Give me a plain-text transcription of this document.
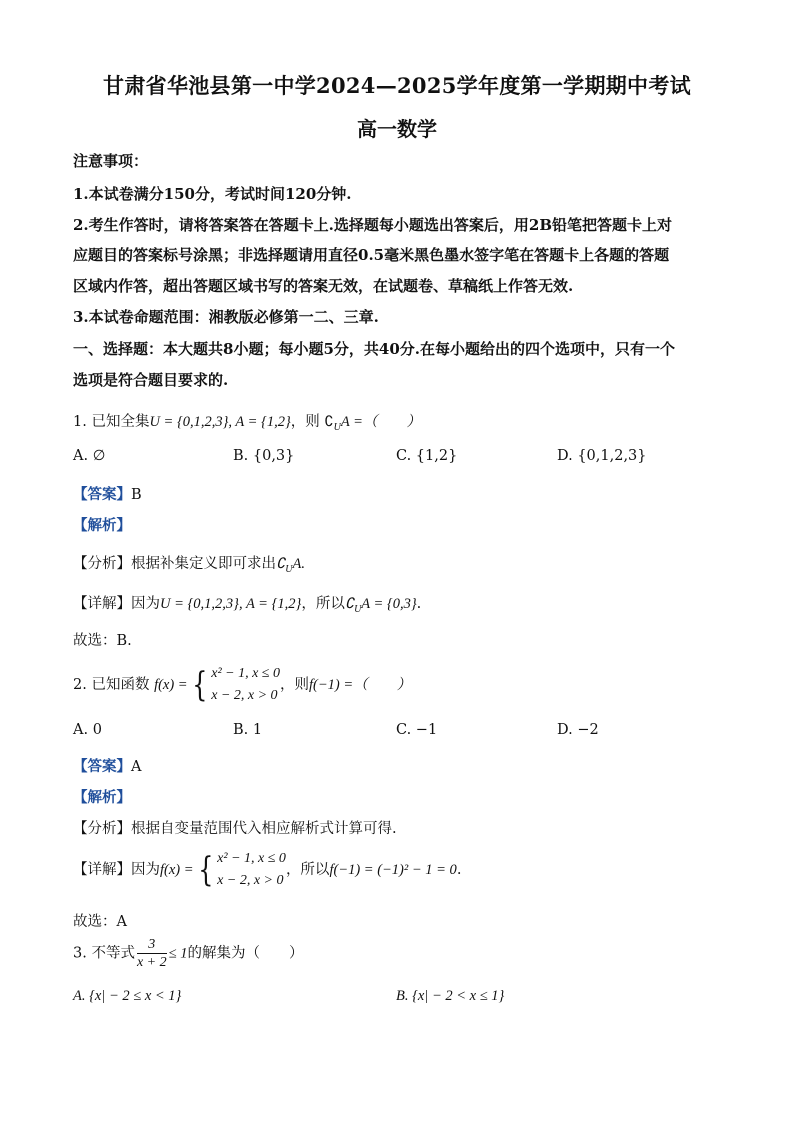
甘肃省华池县第一中学2024—2025学年度第一学期期中考试
高一数学
注意事项：
1.本试卷满分150分，考试时间120分钟.
2.考生作答时，请将答案答在答题卡上.选择题每小题选出答案后，用2B铅笔把答题卡上对
应题目的答案标号涂黑；非选择题请用直径0.5毫米黑色墨水签字笔在答题卡上各题的答题
区域内作答，超出答题区域书写的答案无效，在试题卷、草稿纸上作答无效.
3.本试卷命题范围：湘教版必修第一二、三章.
一、选择题：本大题共8小题；每小题5分，共40分.在每小题给出的四个选项中，只有一个
选项是符合题目要求的.
1. 已知全集U = {0,1,2,3}, A = {1,2}，则 $∁_UA$ =（　　）
A. ∅	B. {0,3}	C. {1,2}	D. {0,1,2,3}
【答案】B
【解析】
【分析】根据补集定义即可求出$∁_UA$.
【详解】因为U = {0,1,2,3}, A = {1,2}，所以$∁_UA = \{0,3\}$.
故选：B.
2. 已知函数 f(x) = { x² − 1, x ≤ 0
x − 2, x > 0
，则f(−1) =（　　）
A. 0	B. 1	C. −1	D. −2
【答案】A
【解析】
【分析】根据自变量范围代入相应解析式计算可得.
【详解】因为f(x) = { x² − 1, x ≤ 0
x − 2, x > 0
，所以f(−1) = (−1)² − 1 = 0.
故选：A
3. 不等式 $\frac{3}{x + 2} \le 1$的解集为（　　）
A. {x| − 2 ≤ x < 1}	B. {x| − 2 < x ≤ 1}
